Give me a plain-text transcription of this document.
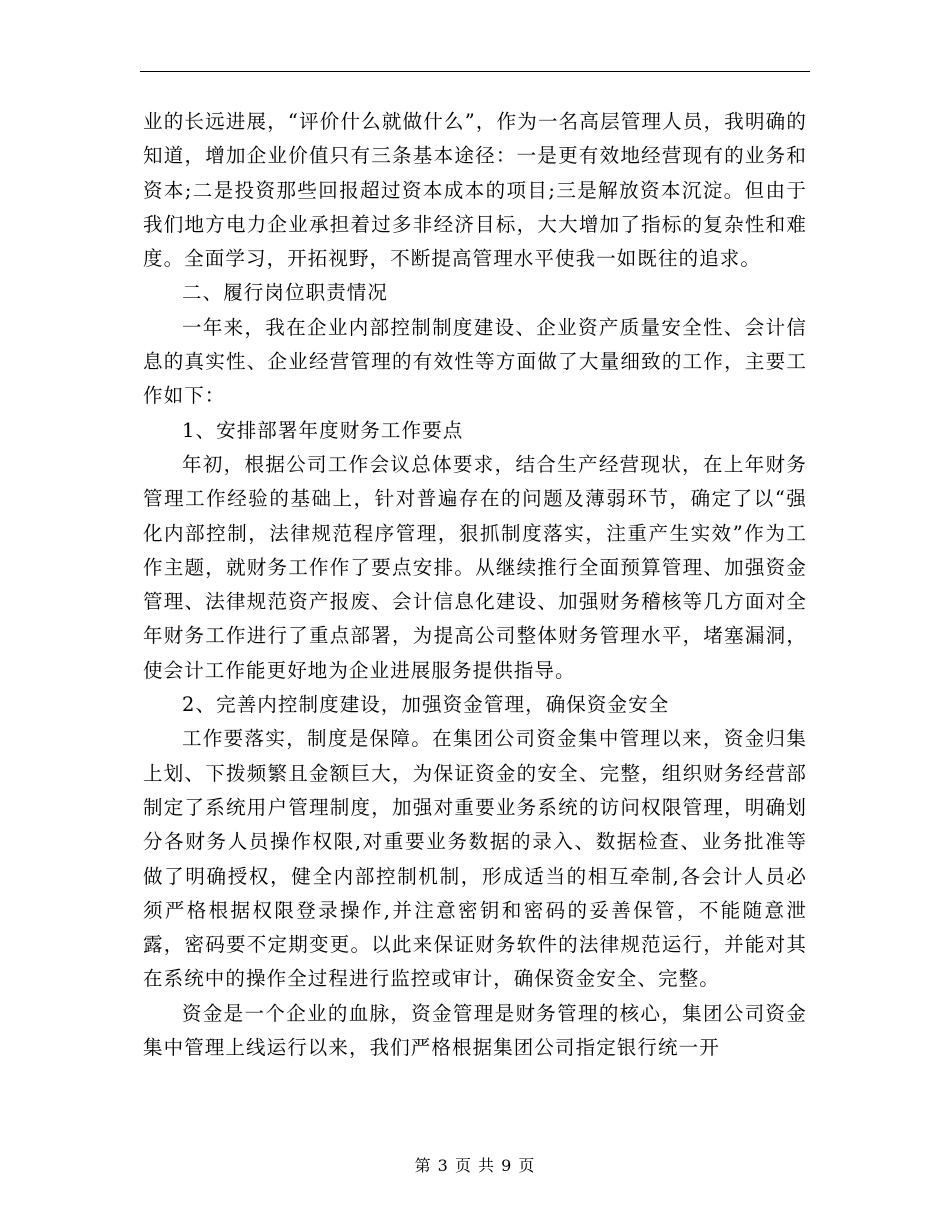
业的长远进展，“评价什么就做什么”，作为一名高层管理人员，我明确的知道，增加企业价值只有三条基本途径：一是更有效地经营现有的业务和资本;二是投资那些回报超过资本成本的项目;三是解放资本沉淀。但由于我们地方电力企业承担着过多非经济目标，大大增加了指标的复杂性和难度。全面学习，开拓视野，不断提高管理水平使我一如既往的追求。

二、履行岗位职责情况

一年来，我在企业内部控制制度建设、企业资产质量安全性、会计信息的真实性、企业经营管理的有效性等方面做了大量细致的工作，主要工作如下：

1、安排部署年度财务工作要点

年初，根据公司工作会议总体要求，结合生产经营现状，在上年财务管理工作经验的基础上，针对普遍存在的问题及薄弱环节，确定了以“强化内部控制，法律规范程序管理，狠抓制度落实，注重产生实效”作为工作主题，就财务工作作了要点安排。从继续推行全面预算管理、加强资金管理、法律规范资产报废、会计信息化建设、加强财务稽核等几方面对全年财务工作进行了重点部署，为提高公司整体财务管理水平，堵塞漏洞，使会计工作能更好地为企业进展服务提供指导。

2、完善内控制度建设，加强资金管理，确保资金安全

工作要落实，制度是保障。在集团公司资金集中管理以来，资金归集上划、下拨频繁且金额巨大，为保证资金的安全、完整，组织财务经营部制定了系统用户管理制度，加强对重要业务系统的访问权限管理，明确划分各财务人员操作权限,对重要业务数据的录入、数据检查、业务批准等做了明确授权，健全内部控制机制，形成适当的相互牵制,各会计人员必须严格根据权限登录操作,并注意密钥和密码的妥善保管，不能随意泄露，密码要不定期变更。以此来保证财务软件的法律规范运行，并能对其在系统中的操作全过程进行监控或审计，确保资金安全、完整。

资金是一个企业的血脉，资金管理是财务管理的核心，集团公司资金集中管理上线运行以来，我们严格根据集团公司指定银行统一开

第 3 页 共 9 页
